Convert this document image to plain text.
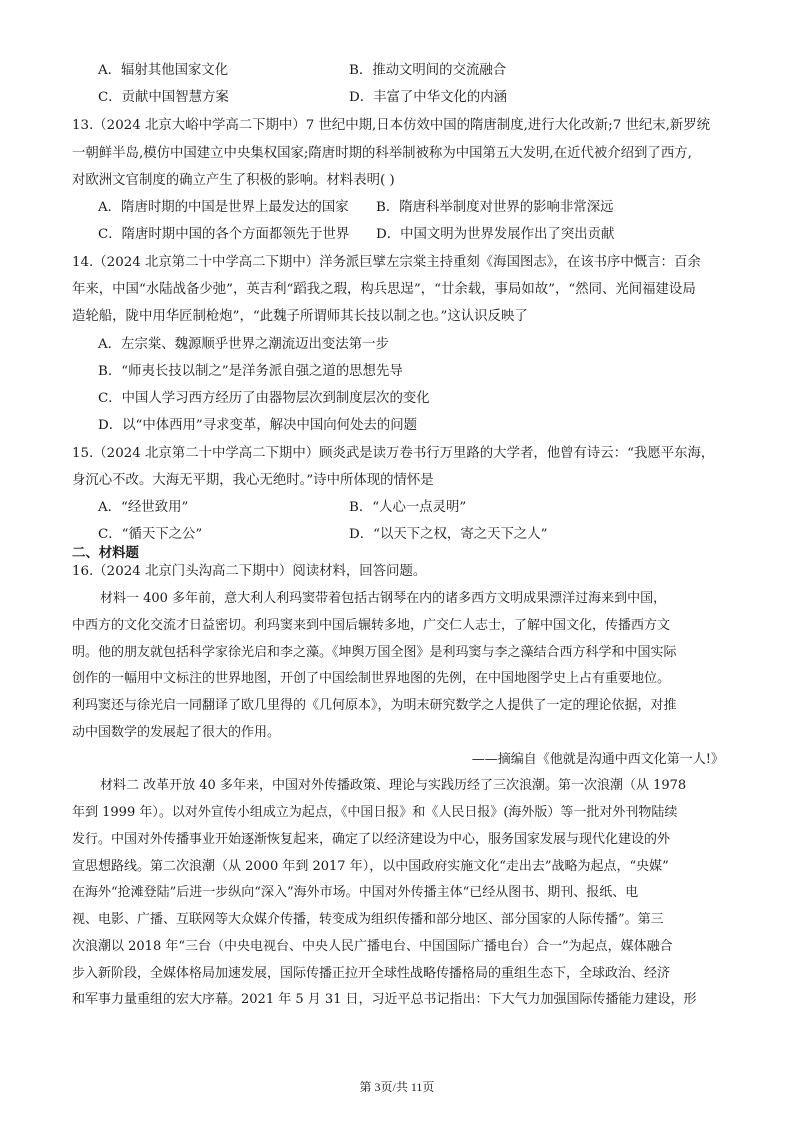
A．辐射其他国家文化	B．推动文明间的交流融合
C．贡献中国智慧方案	D．丰富了中华文化的内涵
13.（2024 北京大峪中学高二下期中）7 世纪中期,日本仿效中国的隋唐制度,进行大化改新;7 世纪末,新罗统
一朝鲜半岛,模仿中国建立中央集权国家;隋唐时期的科举制被称为中国第五大发明,在近代被介绍到了西方,
对欧洲文官制度的确立产生了积极的影响。材料表明( )
A．隋唐时期的中国是世界上最发达的国家 B．隋唐科举制度对世界的影响非常深远
C．隋唐时期中国的各个方面都领先于世界 D．中国文明为世界发展作出了突出贡献
14.（2024 北京第二十中学高二下期中）洋务派巨擘左宗棠主持重刻《海国图志》，在该书序中慨言：百余
年来，中国“水陆战备少弛”，英吉利“蹈我之瑕，构兵思逞”，“廿余载，事局如故”，“然同、光间福建设局
造轮船，陇中用华匠制枪炮”，“此魏子所谓师其长技以制之也。”这认识反映了
A．左宗棠、魏源顺乎世界之潮流迈出变法第一步
B．“师夷长技以制之”是洋务派自强之道的思想先导
C．中国人学习西方经历了由器物层次到制度层次的变化
D．以“中体西用”寻求变革，解决中国向何处去的问题
15.（2024 北京第二十中学高二下期中）顾炎武是读万卷书行万里路的大学者，他曾有诗云：“我愿平东海，
身沉心不改。大海无平期，我心无绝时。”诗中所体现的情怀是
A．“经世致用”	B．“人心一点灵明”
C．“循天下之公”	D．“以天下之权，寄之天下之人”
二、材料题
16.（2024 北京门头沟高二下期中）阅读材料，回答问题。
材料一 400 多年前，意大利人利玛窦带着包括古钢琴在内的诸多西方文明成果漂洋过海来到中国，
中西方的文化交流才日益密切。利玛窦来到中国后辗转多地，广交仁人志士，了解中国文化，传播西方文
明。他的朋友就包括科学家徐光启和李之藻。《坤舆万国全图》是利玛窦与李之藻结合西方科学和中国实际
创作的一幅用中文标注的世界地图，开创了中国绘制世界地图的先例，在中国地图学史上占有重要地位。
利玛窦还与徐光启一同翻译了欧几里得的《几何原本》，为明末研究数学之人提供了一定的理论依据，对推
动中国数学的发展起了很大的作用。
——摘编自《他就是沟通中西文化第一人!》
材料二 改革开放 40 多年来，中国对外传播政策、理论与实践历经了三次浪潮。第一次浪潮（从 1978
年到 1999 年）。以对外宣传小组成立为起点，《中国日报》和《人民日报》(海外版）等一批对外刊物陆续
发行。中国对外传播事业开始逐渐恢复起来，确定了以经济建设为中心，服务国家发展与现代化建设的外
宣思想路线。第二次浪潮（从 2000 年到 2017 年），以中国政府实施文化“走出去”战略为起点，“央媒”
在海外“抢滩登陆”后进一步纵向“深入”海外市场。中国对外传播主体“已经从图书、期刊、报纸、电
视、电影、广播、互联网等大众媒介传播，转变成为组织传播和部分地区、部分国家的人际传播”。第三
次浪潮以 2018 年“三台（中央电视台、中央人民广播电台、中国国际广播电台）合一”为起点，媒体融合
步入新阶段，全媒体格局加速发展，国际传播正拉开全球性战略传播格局的重组生态下，全球政治、经济
和军事力量重组的宏大序幕。2021 年 5 月 31 日，习近平总书记指出：下大气力加强国际传播能力建设，形
第 3页/共 11页
